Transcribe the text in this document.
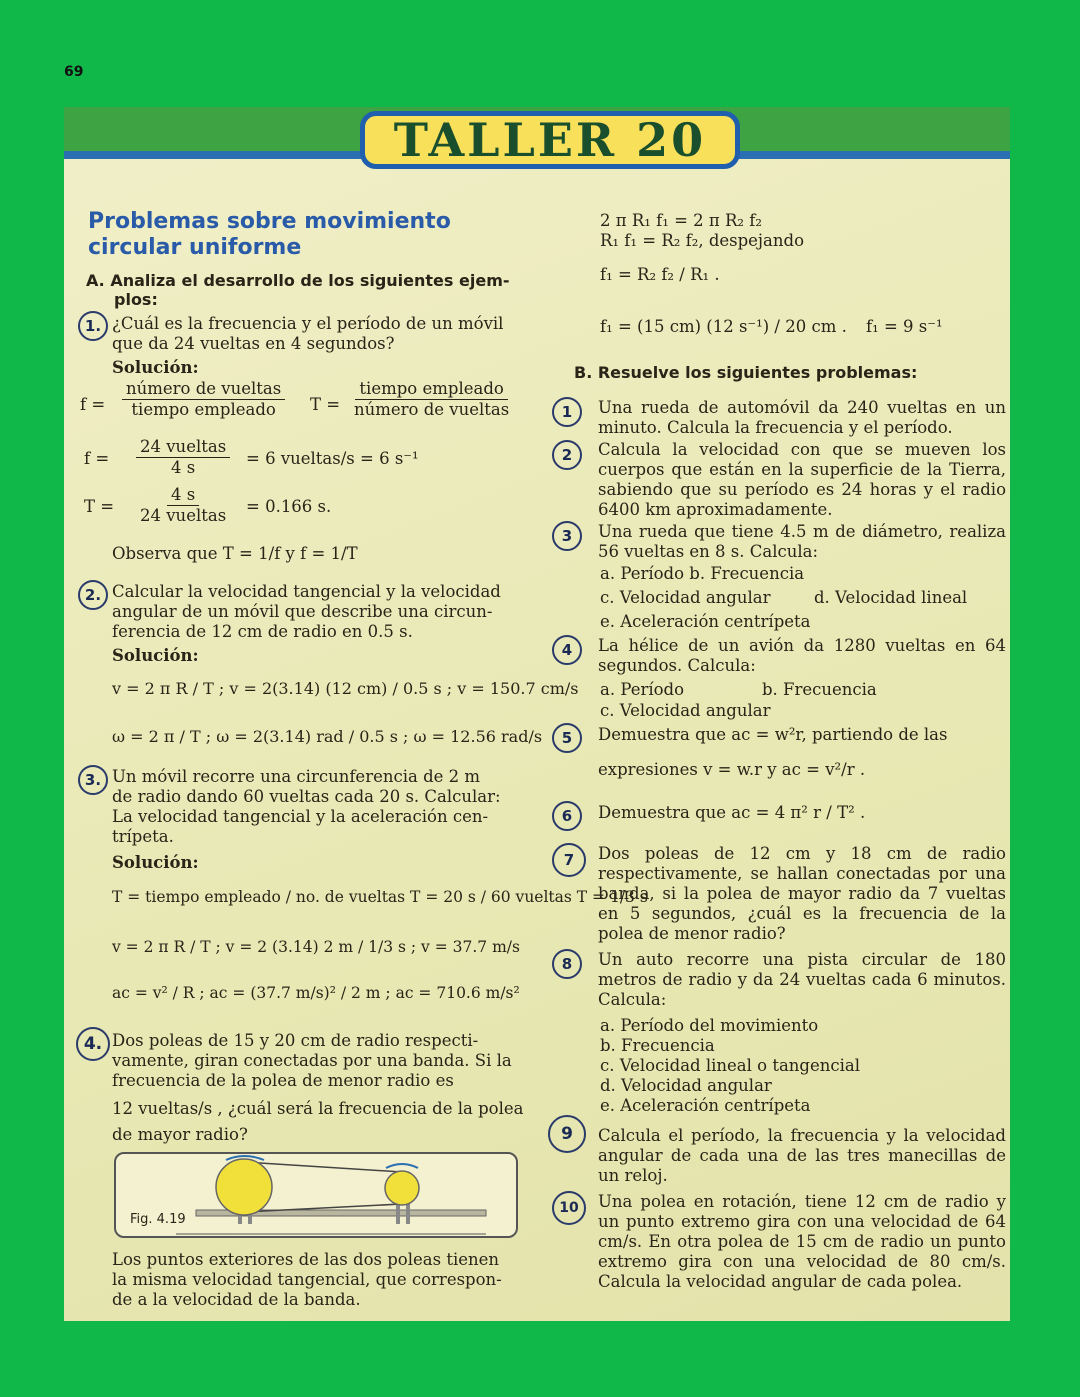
69
TALLER 20
Problemas sobre movimiento
circular uniforme
A. Analiza el desarrollo de los siguientes ejem-
plos:
1. ¿Cuál es la frecuencia y el período de un móvil
que da 24 vueltas en 4 segundos?
Solución:
f =
número de vueltas
tiempo empleado T =
tiempo empleado
número de vueltas
f =
24 vueltas
4 s	= 6 vueltas/s = 6 s⁻¹
T =
4 s
24 vueltas = 0.166 s.
Observa que T = 1/f y f = 1/T
2. Calcular la velocidad tangencial y la velocidad
angular de un móvil que describe una circun-
ferencia de 12 cm de radio en 0.5 s.
Solución:
v = 2 π R / T ; v = 2(3.14) (12 cm) / 0.5 s ; v = 150.7 cm/s
ω = 2 π / T ; ω = 2(3.14) rad / 0.5 s ; ω = 12.56 rad/s
3. Un móvil recorre una circunferencia de 2 m
de radio dando 60 vueltas cada 20 s. Calcular:
La velocidad tangencial y la aceleración cen-
trípeta.
Solución:
T = tiempo empleado / no. de vueltas T = 20 s / 60 vueltas T = 1/3 s
v = 2 π R / T ; v = 2 (3.14) 2 m / 1/3 s ; v = 37.7 m/s
ac = v² / R ; ac = (37.7 m/s)² / 2 m ; ac = 710.6 m/s²
4. Dos poleas de 15 y 20 cm de radio respecti-
vamente, giran conectadas por una banda. Si la
frecuencia de la polea de menor radio es
12 vueltas/s , ¿cuál será la frecuencia de la polea
de mayor radio?
Fig. 4.19
Los puntos exteriores de las dos poleas tienen
la misma velocidad tangencial, que correspon-
de a la velocidad de la banda.
2 π R₁ f₁ = 2 π R₂ f₂
R₁ f₁ = R₂ f₂, despejando
f₁ = R₂ f₂ / R₁ .
f₁ = (15 cm) (12 s⁻¹) / 20 cm . f₁ = 9 s⁻¹
B. Resuelve los siguientes problemas:
1	Una rueda de automóvil da 240 vueltas en un minuto. Calcula la frecuencia y el período.
2	Calcula la velocidad con que se mueven los cuerpos que están en la superficie de la Tierra, sabiendo que su período es 24 horas y el radio 6400 km aproximadamente.
3	Una rueda que tiene 4.5 m de diámetro, realiza 56 vueltas en 8 s. Calcula:
a. Período b. Frecuencia
c. Velocidad angular	d. Velocidad lineal
e. Aceleración centrípeta
4	La hélice de un avión da 1280 vueltas en 64 segundos. Calcula:
a. Período	b. Frecuencia
c. Velocidad angular
5	Demuestra que ac = w²r, partiendo de las
expresiones v = w.r y ac = v²/r .
6	Demuestra que ac = 4 π² r / T² .
7	Dos poleas de 12 cm y 18 cm de radio respectivamente, se hallan conectadas por una banda, si la polea de mayor radio da 7 vueltas en 5 segundos, ¿cuál es la frecuencia de la polea de menor radio?
8	Un auto recorre una pista circular de 180 metros de radio y da 24 vueltas cada 6 minutos. Calcula:
a. Período del movimiento
b. Frecuencia
c. Velocidad lineal o tangencial
d. Velocidad angular
e. Aceleración centrípeta
9	Calcula el período, la frecuencia y la velocidad angular de cada una de las tres manecillas de un reloj.
10	Una polea en rotación, tiene 12 cm de radio y un punto extremo gira con una velocidad de 64 cm/s. En otra polea de 15 cm de radio un punto extremo gira con una velocidad de 80 cm/s. Calcula la velocidad angular de cada polea.
